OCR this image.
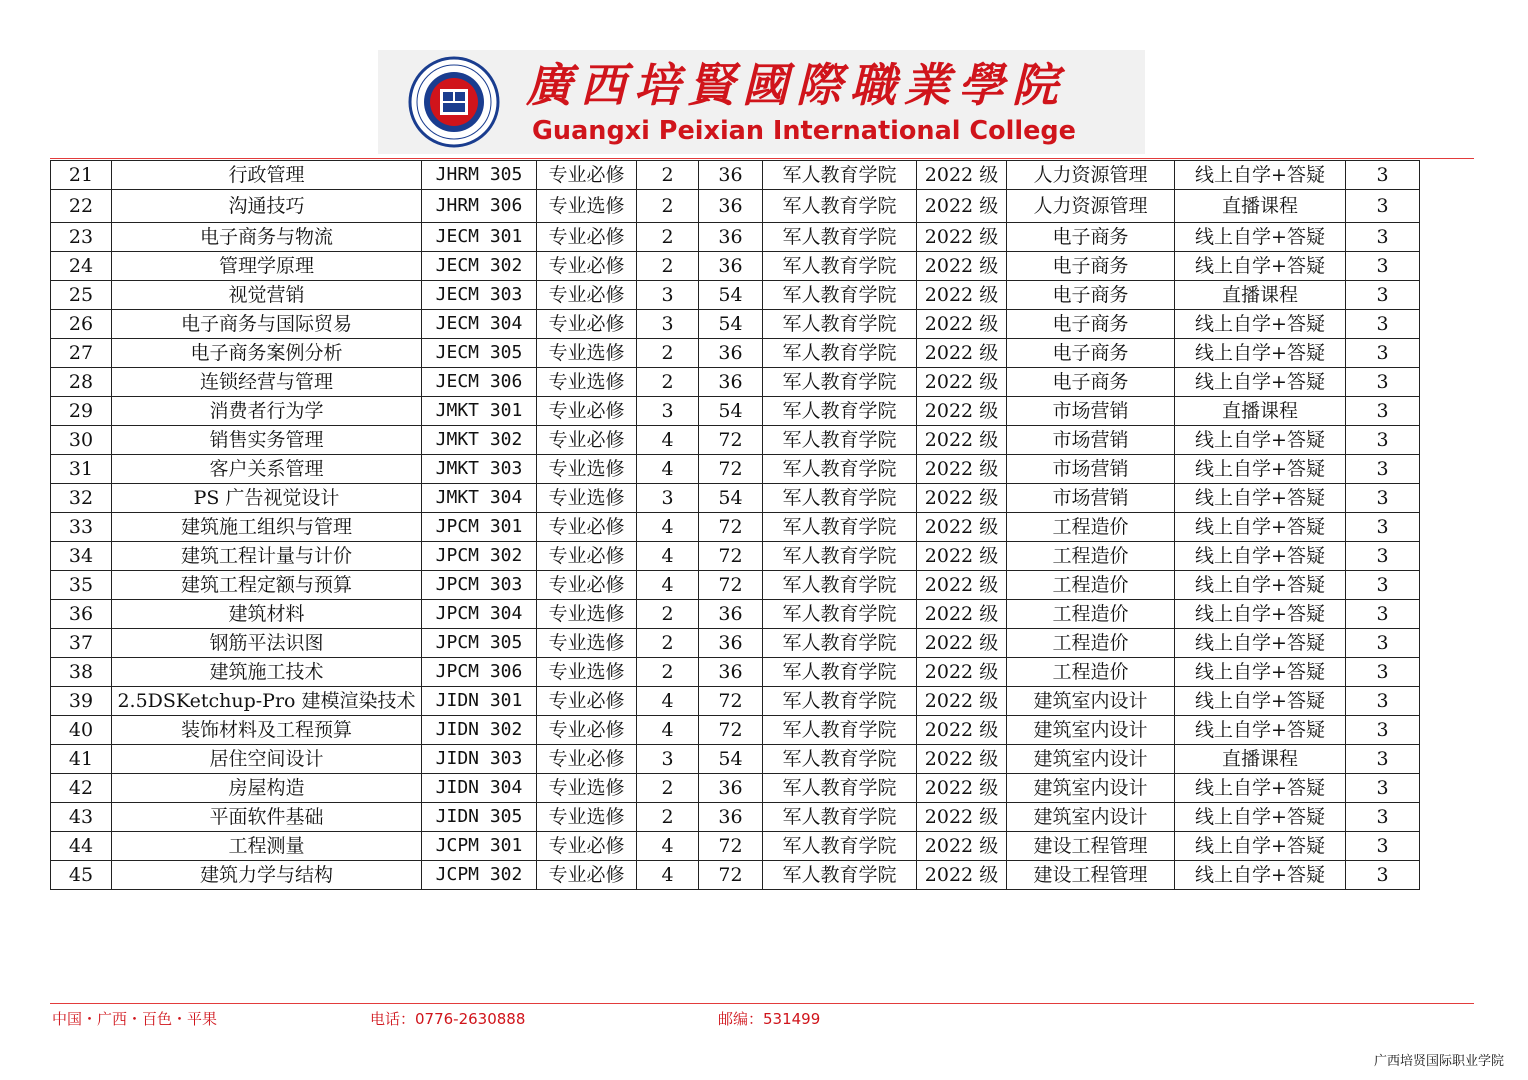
廣西培賢國際職業學院
Guangxi Peixian International College
21	行政管理	JHRM 305	专业必修	2	36	军人教育学院	2022 级	人力资源管理	线上自学+答疑	3
22	沟通技巧	JHRM 306	专业选修	2	36	军人教育学院	2022 级	人力资源管理	直播课程	3
23	电子商务与物流	JECM 301	专业必修	2	36	军人教育学院	2022 级	电子商务	线上自学+答疑	3
24	管理学原理	JECM 302	专业必修	2	36	军人教育学院	2022 级	电子商务	线上自学+答疑	3
25	视觉营销	JECM 303	专业必修	3	54	军人教育学院	2022 级	电子商务	直播课程	3
26	电子商务与国际贸易	JECM 304	专业必修	3	54	军人教育学院	2022 级	电子商务	线上自学+答疑	3
27	电子商务案例分析	JECM 305	专业选修	2	36	军人教育学院	2022 级	电子商务	线上自学+答疑	3
28	连锁经营与管理	JECM 306	专业选修	2	36	军人教育学院	2022 级	电子商务	线上自学+答疑	3
29	消费者行为学	JMKT 301	专业必修	3	54	军人教育学院	2022 级	市场营销	直播课程	3
30	销售实务管理	JMKT 302	专业必修	4	72	军人教育学院	2022 级	市场营销	线上自学+答疑	3
31	客户关系管理	JMKT 303	专业选修	4	72	军人教育学院	2022 级	市场营销	线上自学+答疑	3
32	PS 广告视觉设计	JMKT 304	专业选修	3	54	军人教育学院	2022 级	市场营销	线上自学+答疑	3
33	建筑施工组织与管理	JPCM 301	专业必修	4	72	军人教育学院	2022 级	工程造价	线上自学+答疑	3
34	建筑工程计量与计价	JPCM 302	专业必修	4	72	军人教育学院	2022 级	工程造价	线上自学+答疑	3
35	建筑工程定额与预算	JPCM 303	专业必修	4	72	军人教育学院	2022 级	工程造价	线上自学+答疑	3
36	建筑材料	JPCM 304	专业选修	2	36	军人教育学院	2022 级	工程造价	线上自学+答疑	3
37	钢筋平法识图	JPCM 305	专业选修	2	36	军人教育学院	2022 级	工程造价	线上自学+答疑	3
38	建筑施工技术	JPCM 306	专业选修	2	36	军人教育学院	2022 级	工程造价	线上自学+答疑	3
39	2.5DSKetchup-Pro 建模渲染技术	JIDN 301	专业必修	4	72	军人教育学院	2022 级	建筑室内设计	线上自学+答疑	3
40	装饰材料及工程预算	JIDN 302	专业必修	4	72	军人教育学院	2022 级	建筑室内设计	线上自学+答疑	3
41	居住空间设计	JIDN 303	专业必修	3	54	军人教育学院	2022 级	建筑室内设计	直播课程	3
42	房屋构造	JIDN 304	专业选修	2	36	军人教育学院	2022 级	建筑室内设计	线上自学+答疑	3
43	平面软件基础	JIDN 305	专业选修	2	36	军人教育学院	2022 级	建筑室内设计	线上自学+答疑	3
44	工程测量	JCPM 301	专业必修	4	72	军人教育学院	2022 级	建设工程管理	线上自学+答疑	3
45	建筑力学与结构	JCPM 302	专业必修	4	72	军人教育学院	2022 级	建设工程管理	线上自学+答疑	3
中国・广西・百色・平果	电话：0776-2630888	邮编：531499
广西培贤国际职业学院
